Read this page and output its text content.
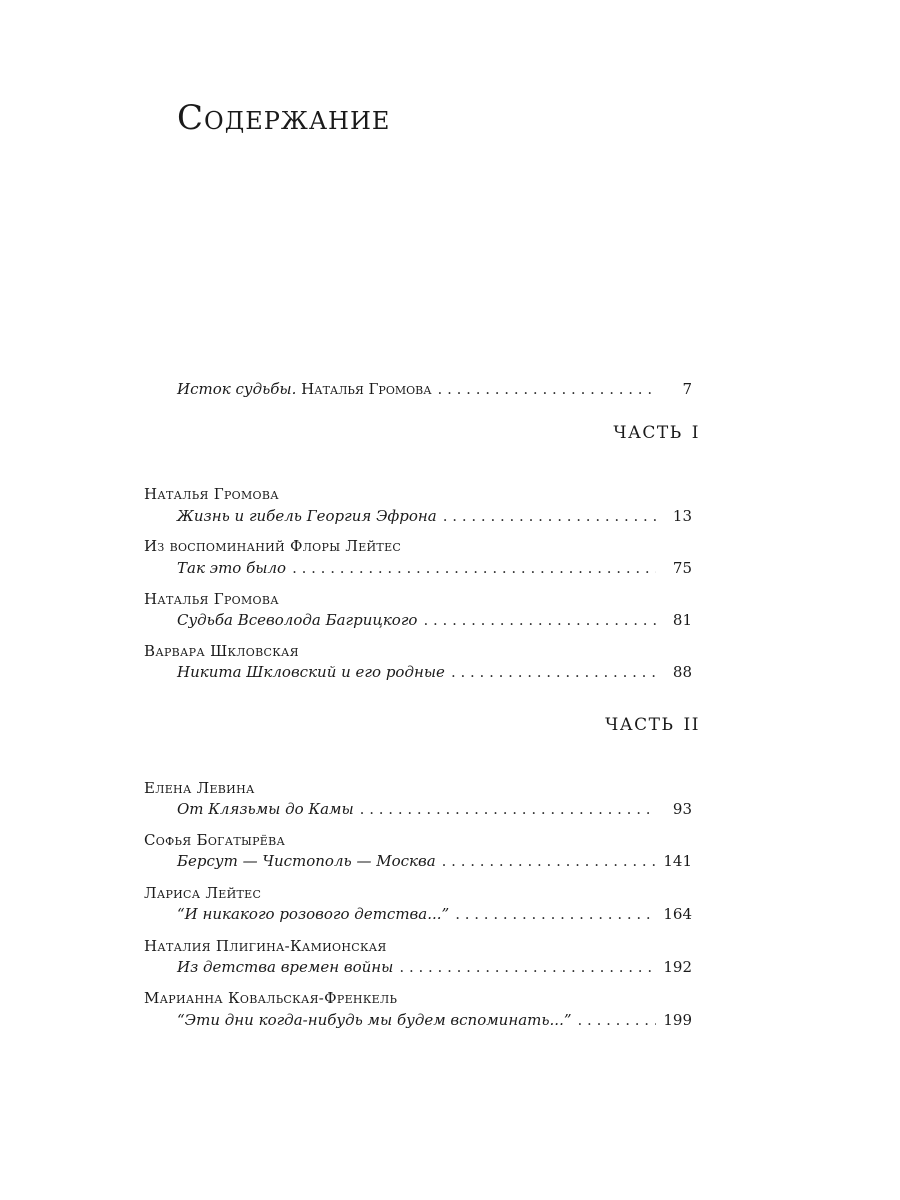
Содержание
Исток судьбы. Наталья Громова . . .	7
часть i
Наталья Громова
Жизнь и гибель Георгия Эфрона . . .	13
Из воспоминаний Флоры Лейтес
Так это было . . .	75
Наталья Громова
Судьба Всеволода Багрицкого . . .	81
Варвара Шкловская
Никита Шкловский и его родные . . .	88
часть ii
Елена Левина
От Клязьмы до Камы . . .	93
Софья Богатырёва
Берсут — Чистополь — Москва . . .	141
Лариса Лейтес
“И никакого розового детства...” . . .	164
Наталия Плигина-Камионская
Из детства времен войны . . .	192
Марианна Ковальская-Френкель
“Эти дни когда-нибудь мы будем вспоминать...” . . .	199
